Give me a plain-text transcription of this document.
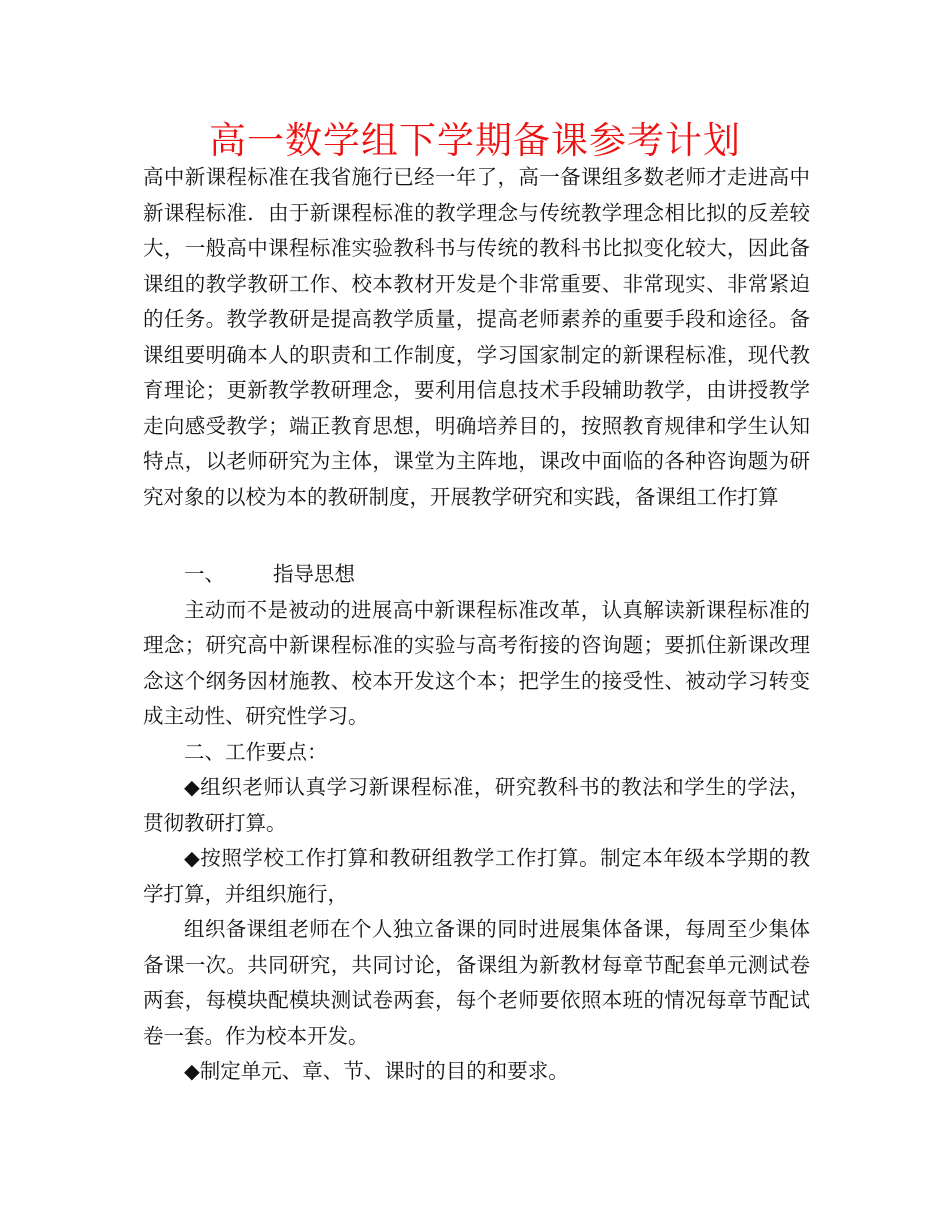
高一数学组下学期备课参考计划

高中新课程标准在我省施行已经一年了，高一备课组多数老师才走进高中新课程标准．由于新课程标准的教学理念与传统教学理念相比拟的反差较大，一般高中课程标准实验教科书与传统的教科书比拟变化较大，因此备课组的教学教研工作、校本教材开发是个非常重要、非常现实、非常紧迫的任务。教学教研是提高教学质量，提高老师素养的重要手段和途径。备课组要明确本人的职责和工作制度，学习国家制定的新课程标准，现代教育理论；更新教学教研理念，要利用信息技术手段辅助教学，由讲授教学走向感受教学；端正教育思想，明确培养目的，按照教育规律和学生认知特点，以老师研究为主体，课堂为主阵地，课改中面临的各种咨询题为研究对象的以校为本的教研制度，开展教学研究和实践，备课组工作打算

一、 指导思想

主动而不是被动的进展高中新课程标准改革，认真解读新课程标准的理念；研究高中新课程标准的实验与高考衔接的咨询题；要抓住新课改理念这个纲务因材施教、校本开发这个本；把学生的接受性、被动学习转变成主动性、研究性学习。

二、工作要点：

◆组织老师认真学习新课程标准，研究教科书的教法和学生的学法，贯彻教研打算。

◆按照学校工作打算和教研组教学工作打算。制定本年级本学期的教学打算，并组织施行，

组织备课组老师在个人独立备课的同时进展集体备课，每周至少集体备课一次。共同研究，共同讨论，备课组为新教材每章节配套单元测试卷两套，每模块配模块测试卷两套，每个老师要依照本班的情况每章节配试卷一套。作为校本开发。

◆制定单元、章、节、课时的目的和要求。
